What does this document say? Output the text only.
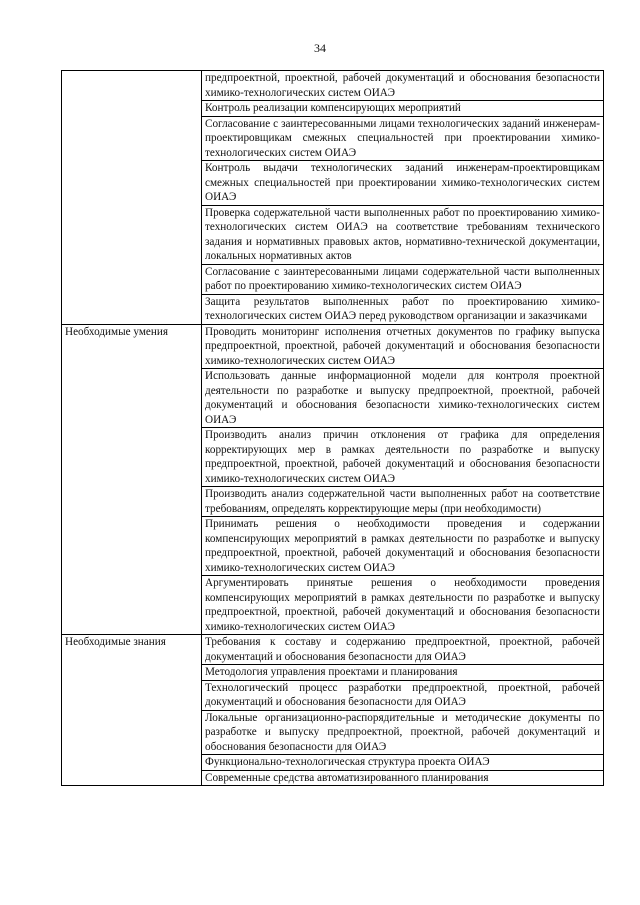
34
	предпроектной, проектной, рабочей документаций и обоснования безопасности химико-технологических систем ОИАЭ
	Контроль реализации компенсирующих мероприятий
	Согласование с заинтересованными лицами технологических заданий инженерам-проектировщикам смежных специальностей при проектировании химико-технологических систем ОИАЭ
	Контроль выдачи технологических заданий инженерам-проектировщикам смежных специальностей при проектировании химико-технологических систем ОИАЭ
	Проверка содержательной части выполненных работ по проектированию химико-технологических систем ОИАЭ на соответствие требованиям технического задания и нормативных правовых актов, нормативно-технической документации, локальных нормативных актов
	Согласование с заинтересованными лицами содержательной части выполненных работ по проектированию химико-технологических систем ОИАЭ
	Защита результатов выполненных работ по проектированию химико-технологических систем ОИАЭ перед руководством организации и заказчиками
Необходимые умения	Проводить мониторинг исполнения отчетных документов по графику выпуска предпроектной, проектной, рабочей документаций и обоснования безопасности химико-технологических систем ОИАЭ
	Использовать данные информационной модели для контроля проектной деятельности по разработке и выпуску предпроектной, проектной, рабочей документаций и обоснования безопасности химико-технологических систем ОИАЭ
	Производить анализ причин отклонения от графика для определения корректирующих мер в рамках деятельности по разработке и выпуску предпроектной, проектной, рабочей документаций и обоснования безопасности химико-технологических систем ОИАЭ
	Производить анализ содержательной части выполненных работ на соответствие требованиям, определять корректирующие меры (при необходимости)
	Принимать решения о необходимости проведения и содержании компенсирующих мероприятий в рамках деятельности по разработке и выпуску предпроектной, проектной, рабочей документаций и обоснования безопасности химико-технологических систем ОИАЭ
	Аргументировать принятые решения о необходимости проведения компенсирующих мероприятий в рамках деятельности по разработке и выпуску предпроектной, проектной, рабочей документаций и обоснования безопасности химико-технологических систем ОИАЭ
Необходимые знания	Требования к составу и содержанию предпроектной, проектной, рабочей документаций и обоснования безопасности для ОИАЭ
	Методология управления проектами и планирования
	Технологический процесс разработки предпроектной, проектной, рабочей документаций и обоснования безопасности для ОИАЭ
	Локальные организационно-распорядительные и методические документы по разработке и выпуску предпроектной, проектной, рабочей документаций и обоснования безопасности для ОИАЭ
	Функционально-технологическая структура проекта ОИАЭ
	Современные средства автоматизированного планирования
